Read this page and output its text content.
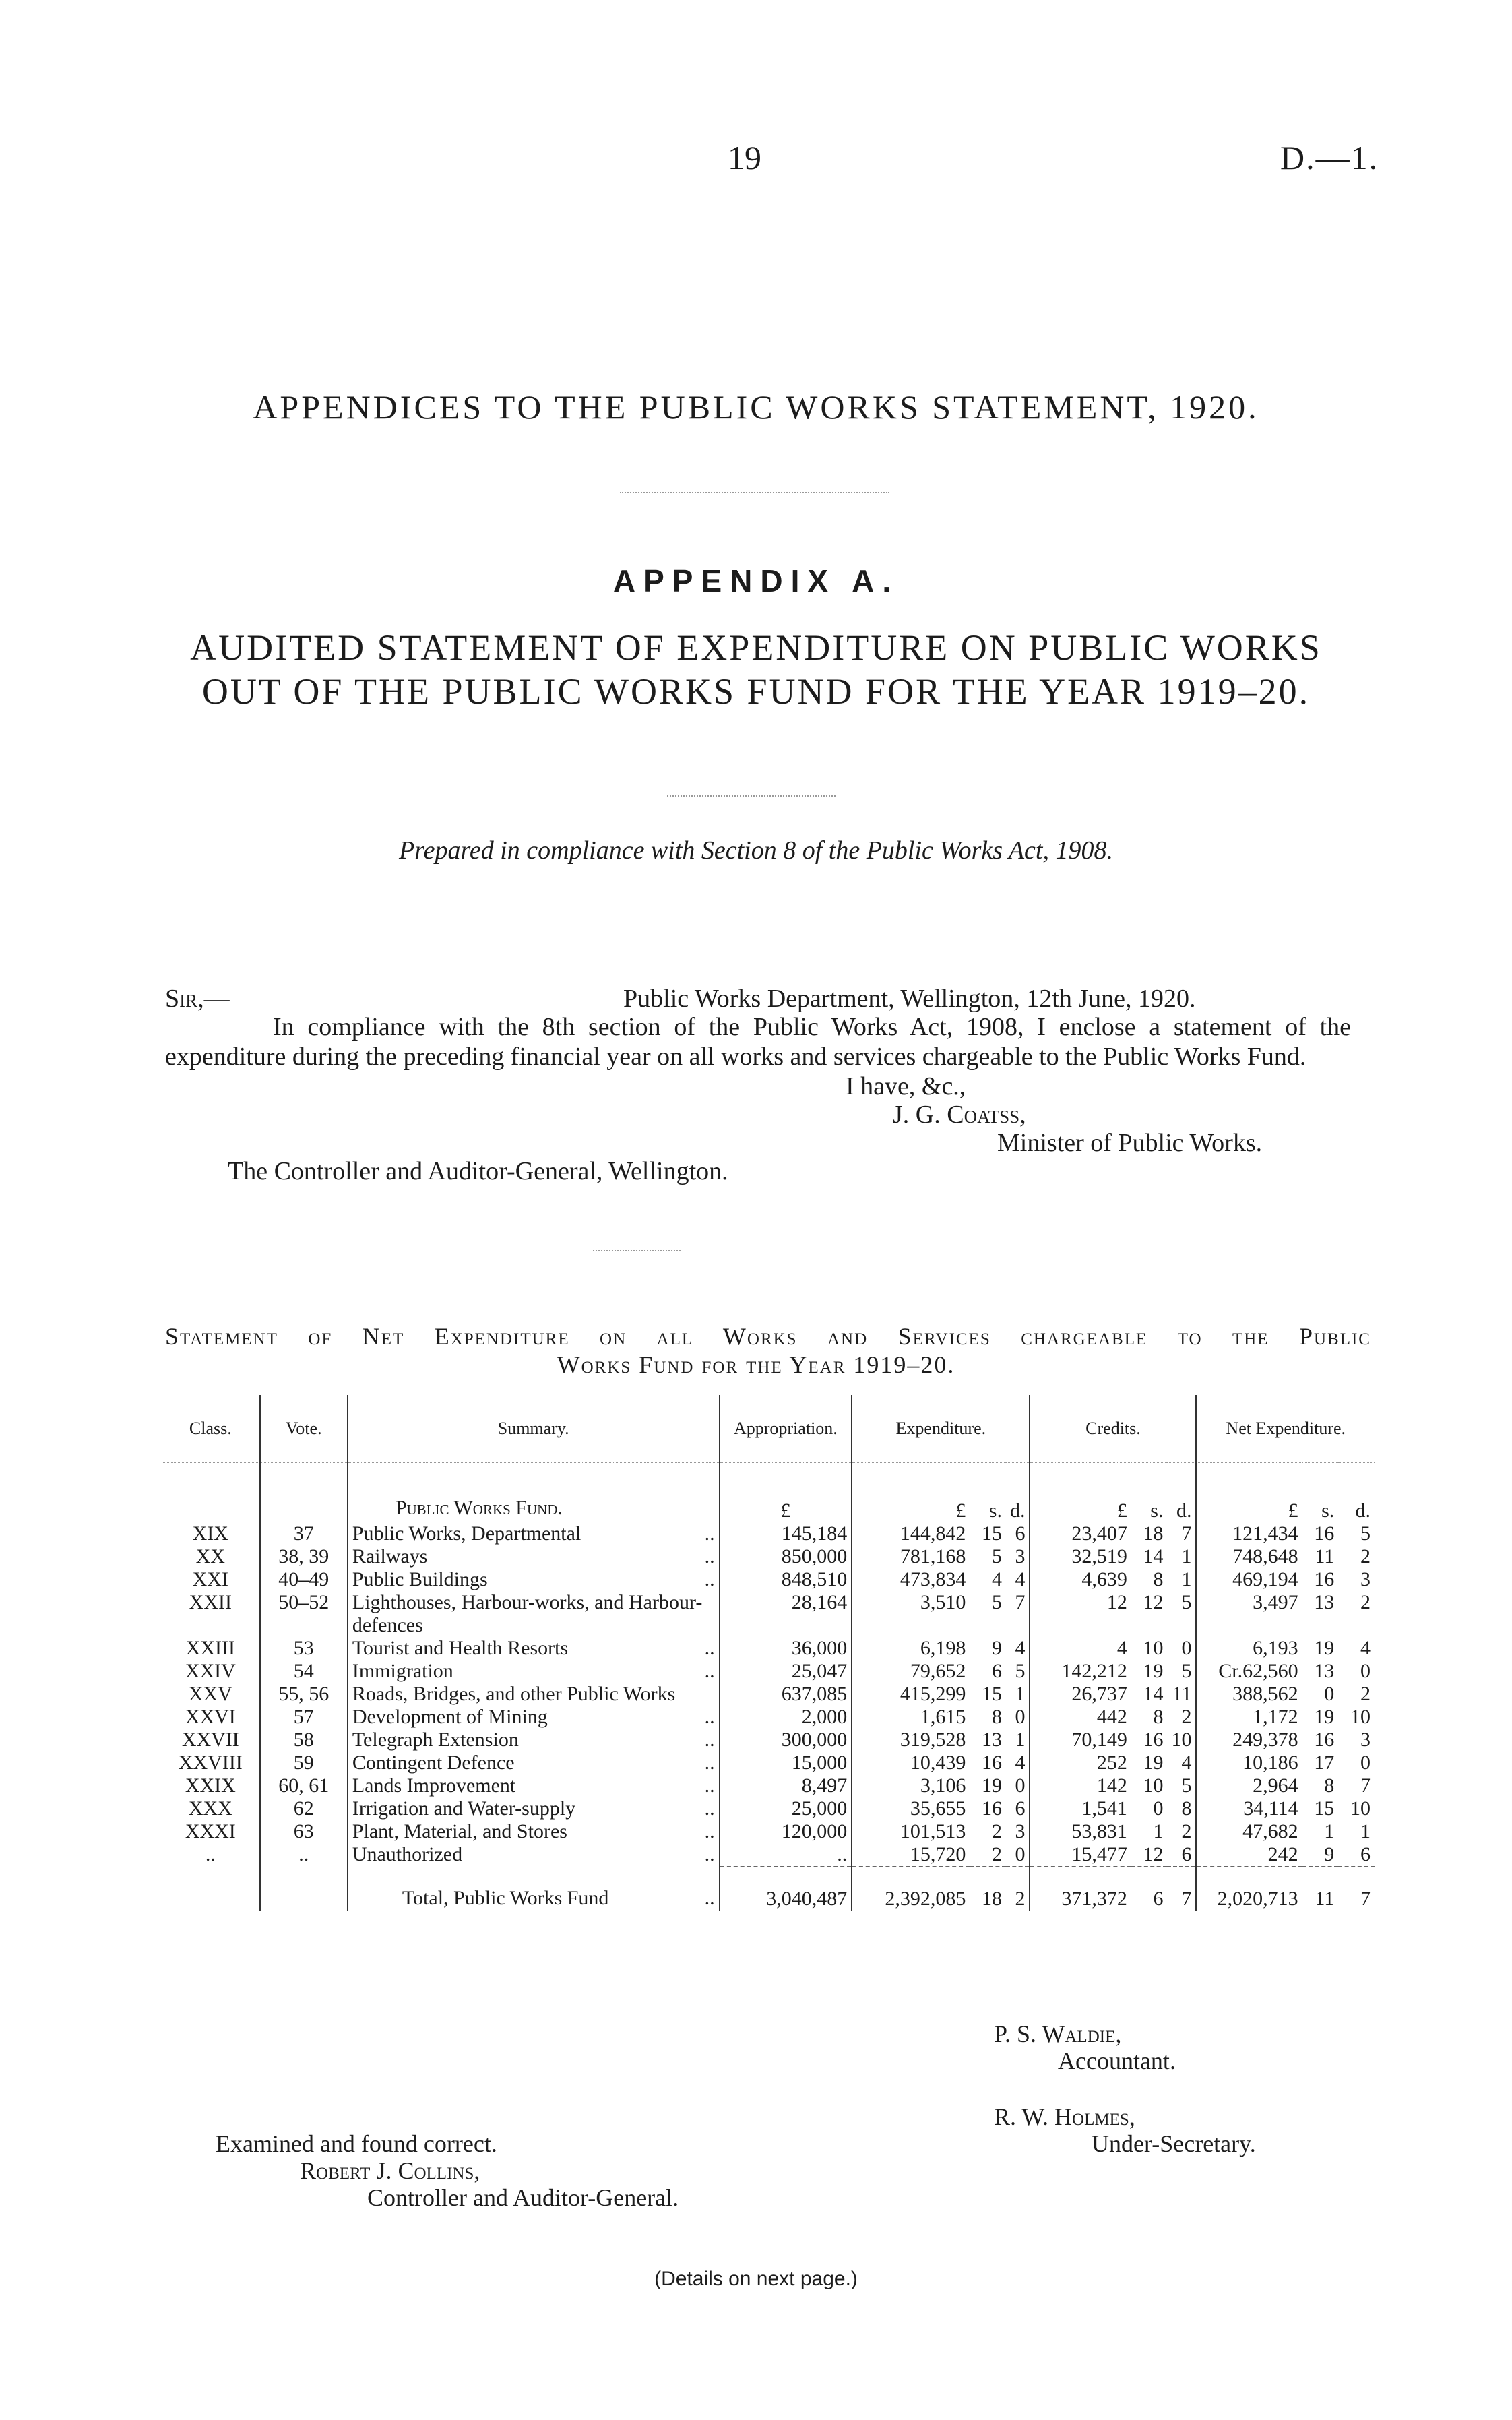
19	D.—1.
APPENDICES TO THE PUBLIC WORKS STATEMENT, 1920.
APPENDIX A.
AUDITED STATEMENT OF EXPENDITURE ON PUBLIC WORKS
OUT OF THE PUBLIC WORKS FUND FOR THE YEAR 1919–20.
Prepared in compliance with Section 8 of the Public Works Act, 1908.
Sir,—	Public Works Department, Wellington, 12th June, 1920.
In compliance with the 8th section of the Public Works Act, 1908, I enclose a statement of the expenditure during the preceding financial year on all works and services chargeable to the Public Works Fund.
I have, &c.,
J. G. Coatss,
Minister of Public Works.
The Controller and Auditor-General, Wellington.
Statement of Net Expenditure on all Works and Services chargeable to the Public
Works Fund for the Year 1919–20.
Class.	Vote.	Summary.	Appropriation.	Expenditure.			Credits.			Net Expenditure.		
		Public Works Fund.	£	£	s.	d.	£	s.	d.	£	s.	d.
XIX	37	Public Works, Departmental ..	145,184	144,842	15	6	23,407	18	7	121,434	16	5
XX	38, 39	Railways ..	850,000	781,168	5	3	32,519	14	1	748,648	11	2
XXI	40–49	Public Buildings ..	848,510	473,834	4	4	4,639	8	1	469,194	16	3
XXII	50–52	Lighthouses, Harbour-works, and Harbour-defences	28,164	3,510	5	7	12	12	5	3,497	13	2
XXIII	53	Tourist and Health Resorts ..	36,000	6,198	9	4	4	10	0	6,193	19	4
XXIV	54	Immigration ..	25,047	79,652	6	5	142,212	19	5	Cr.62,560	13	0
XXV	55, 56	Roads, Bridges, and other Public Works	637,085	415,299	15	1	26,737	14	11	388,562	0	2
XXVI	57	Development of Mining ..	2,000	1,615	8	0	442	8	2	1,172	19	10
XXVII	58	Telegraph Extension ..	300,000	319,528	13	1	70,149	16	10	249,378	16	3
XXVIII	59	Contingent Defence ..	15,000	10,439	16	4	252	19	4	10,186	17	0
XXIX	60, 61	Lands Improvement ..	8,497	3,106	19	0	142	10	5	2,964	8	7
XXX	62	Irrigation and Water-supply ..	25,000	35,655	16	6	1,541	0	8	34,114	15	10
XXXI	63	Plant, Material, and Stores ..	120,000	101,513	2	3	53,831	1	2	47,682	1	1
..	..	Unauthorized ..	..	15,720	2	0	15,477	12	6	242	9	6
		Total, Public Works Fund ..	3,040,487	2,392,085	18	2	371,372	6	7	2,020,713	11	7
P. S. Waldie,
Accountant.
R. W. Holmes,
Under-Secretary.
Examined and found correct.
Robert J. Collins,
Controller and Auditor-General.
(Details on next page.)
